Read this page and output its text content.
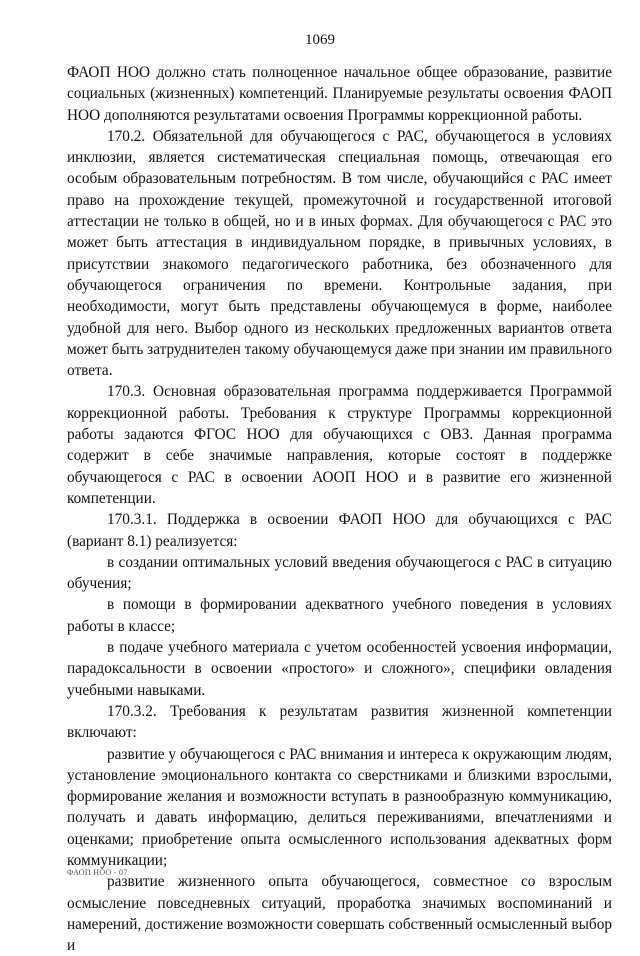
1069

ФАОП НОО должно стать полноценное начальное общее образование, развитие социальных (жизненных) компетенций. Планируемые результаты освоения ФАОП НОО дополняются результатами освоения Программы коррекционной работы.

170.2. Обязательной для обучающегося с РАС, обучающегося в условиях инклюзии, является систематическая специальная помощь, отвечающая его особым образовательным потребностям. В том числе, обучающийся с РАС имеет право на прохождение текущей, промежуточной и государственной итоговой аттестации не только в общей, но и в иных формах. Для обучающегося с РАС это может быть аттестация в индивидуальном порядке, в привычных условиях, в присутствии знакомого педагогического работника, без обозначенного для обучающегося ограничения по времени. Контрольные задания, при необходимости, могут быть представлены обучающемуся в форме, наиболее удобной для него. Выбор одного из нескольких предложенных вариантов ответа может быть затруднителен такому обучающемуся даже при знании им правильного ответа.

170.3. Основная образовательная программа поддерживается Программой коррекционной работы. Требования к структуре Программы коррекционной работы задаются ФГОС НОО для обучающихся с ОВЗ. Данная программа содержит в себе значимые направления, которые состоят в поддержке обучающегося с РАС в освоении АООП НОО и в развитие его жизненной компетенции.

170.3.1. Поддержка в освоении ФАОП НОО для обучающихся с РАС (вариант 8.1) реализуется:

в создании оптимальных условий введения обучающегося с РАС в ситуацию обучения;

в помощи в формировании адекватного учебного поведения в условиях работы в классе;

в подаче учебного материала с учетом особенностей усвоения информации, парадоксальности в освоении «простого» и сложного», специфики овладения учебными навыками.

170.3.2. Требования к результатам развития жизненной компетенции включают:

развитие у обучающегося с РАС внимания и интереса к окружающим людям, установление эмоционального контакта со сверстниками и близкими взрослыми, формирование желания и возможности вступать в разнообразную коммуникацию, получать и давать информацию, делиться переживаниями, впечатлениями и оценками; приобретение опыта осмысленного использования адекватных форм коммуникации;

развитие жизненного опыта обучающегося, совместное со взрослым осмысление повседневных ситуаций, проработка значимых воспоминаний и намерений, достижение возможности совершать собственный осмысленный выбор и

ФАОП НОО - 07
